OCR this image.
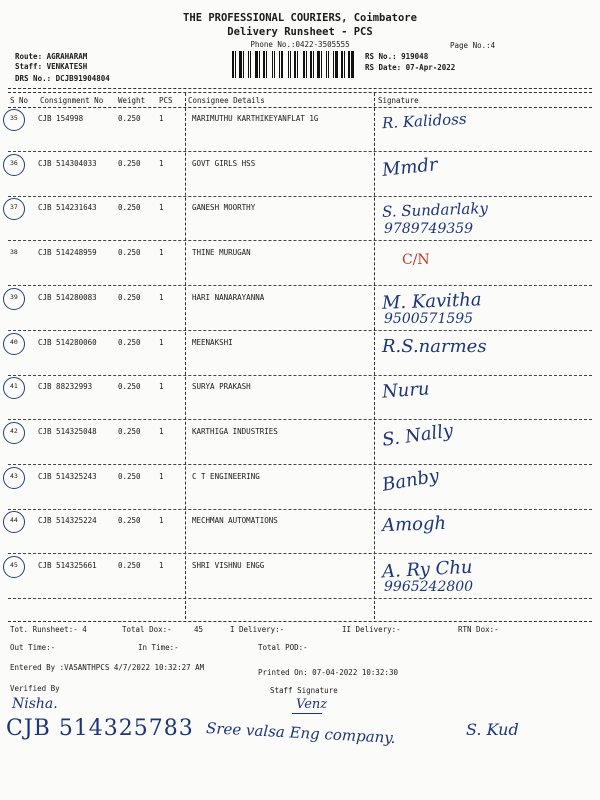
THE PROFESSIONAL COURIERS, Coimbatore
Delivery Runsheet - PCS
Phone No.:0422-3505555	Page No.:4
Route: AGRAHARAM
Staff: VENKATESH
DRS No.: DCJB91904804
RS No.: 919048
RS Date: 07-Apr-2022
S No Consignment No Weight PCS Consignee Details	Signature
35	CJB 154998	0.250 1	MARIMUTHU KARTHIKEYANFLAT 1G	R. Kalidoss
36	CJB 514304033	0.250 1	GOVT GIRLS HSS	Mmdr
37	CJB 514231643	0.250 1	GANESH MOORTHY	S. Sundarlaky
9789749359
38	CJB 514248959	0.250 1	THINE MURUGAN	C/N
39	CJB 514280083	0.250 1	HARI NANARAYANNA	M. Kavitha
9500571595
40	CJB 514280060	0.250 1	MEENAKSHI	R.S.narmes
41	CJB 88232993	0.250 1	SURYA PRAKASH	Nuru
42	CJB 514325048	0.250 1	KARTHIGA INDUSTRIES	S. Nally
43	CJB 514325243	0.250 1	C T ENGINEERING	Banby
44	CJB 514325224	0.250 1	MECHMAN AUTOMATIONS	Amogh
45	CJB 514325661	0.250 1	SHRI VISHNU ENGG	A. Ry Chu
9965242800
Tot. Runsheet:- 4	Total Dox:-	45	I Delivery:-	II Delivery:-	RTN Dox:-
Out Time:-	In Time:-	Total POD:-
Entered By :VASANTHPCS 4/7/2022 10:32:27 AM
Printed On: 07-04-2022 10:32:30
Verified By	Staff Signature
Nisha.	Venz
CJB 514325783 Sree valsa Eng company.	S. Kud
